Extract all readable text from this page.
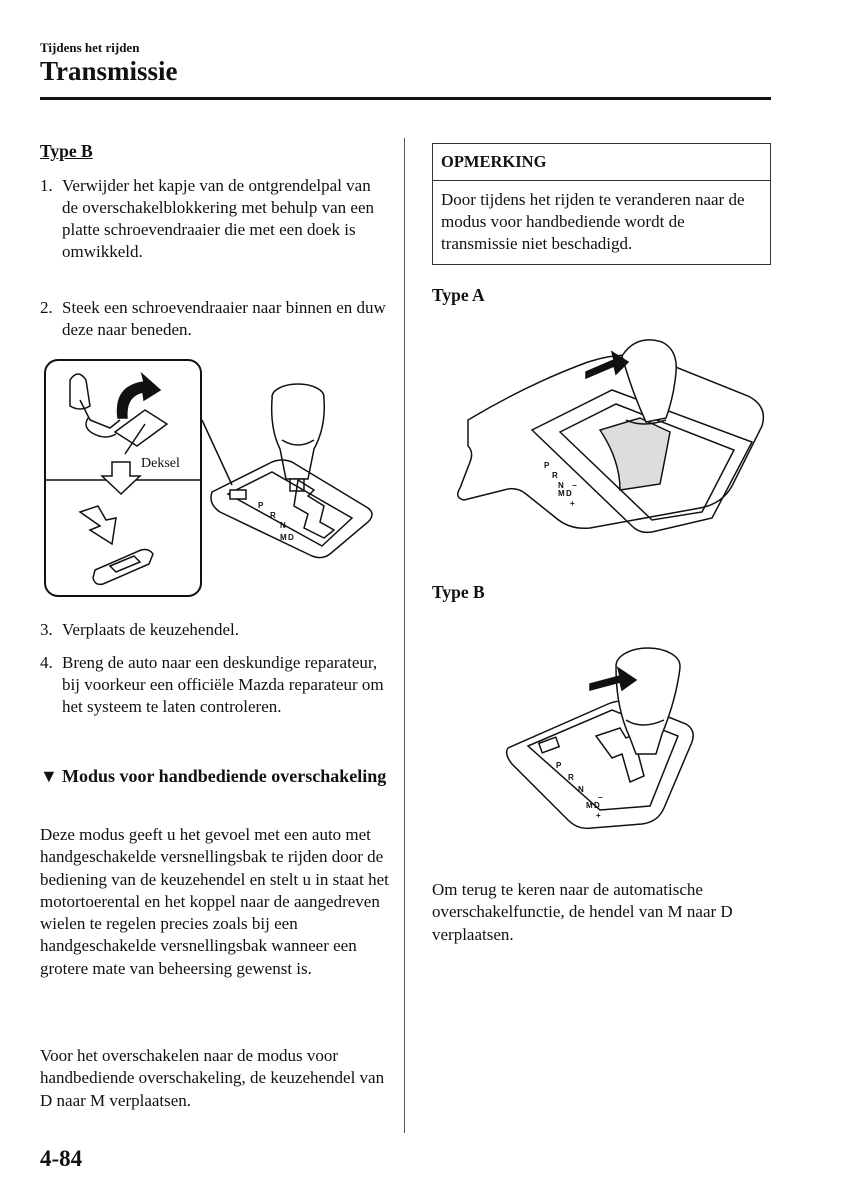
Tijdens het rijden
Transmissie
Type B
1. Verwijder het kapje van de ontgrendelpal van de overschakelblokkering met behulp van een platte schroevendraaier die met een doek is omwikkeld.
2. Steek een schroevendraaier naar binnen en duw deze naar beneden.
P
R
N
D
M
Deksel
3. Verplaats de keuzehendel.
4. Breng de auto naar een deskundige reparateur, bij voorkeur een officiële Mazda reparateur om het systeem te laten controleren.
▼ Modus voor handbediende overschakeling
Deze modus geeft u het gevoel met een auto met handgeschakelde versnellingsbak te rijden door de bediening van de keuzehendel en stelt u in staat het motortoerental en het koppel naar de aangedreven wielen te regelen precies zoals bij een handgeschakelde versnellingsbak wanneer een grotere mate van beheersing gewenst is.
Voor het overschakelen naar de modus voor handbediende overschakeling, de keuzehendel van D naar M verplaatsen.
OPMERKING
Door tijdens het rijden te veranderen naar de modus voor handbediende wordt de transmissie niet beschadigd.
Type A
P
R
N
M D
−
+
Type B
P
R
N
M D
−
+
Om terug te keren naar de automatische overschakelfunctie, de hendel van M naar D verplaatsen.
4-84
